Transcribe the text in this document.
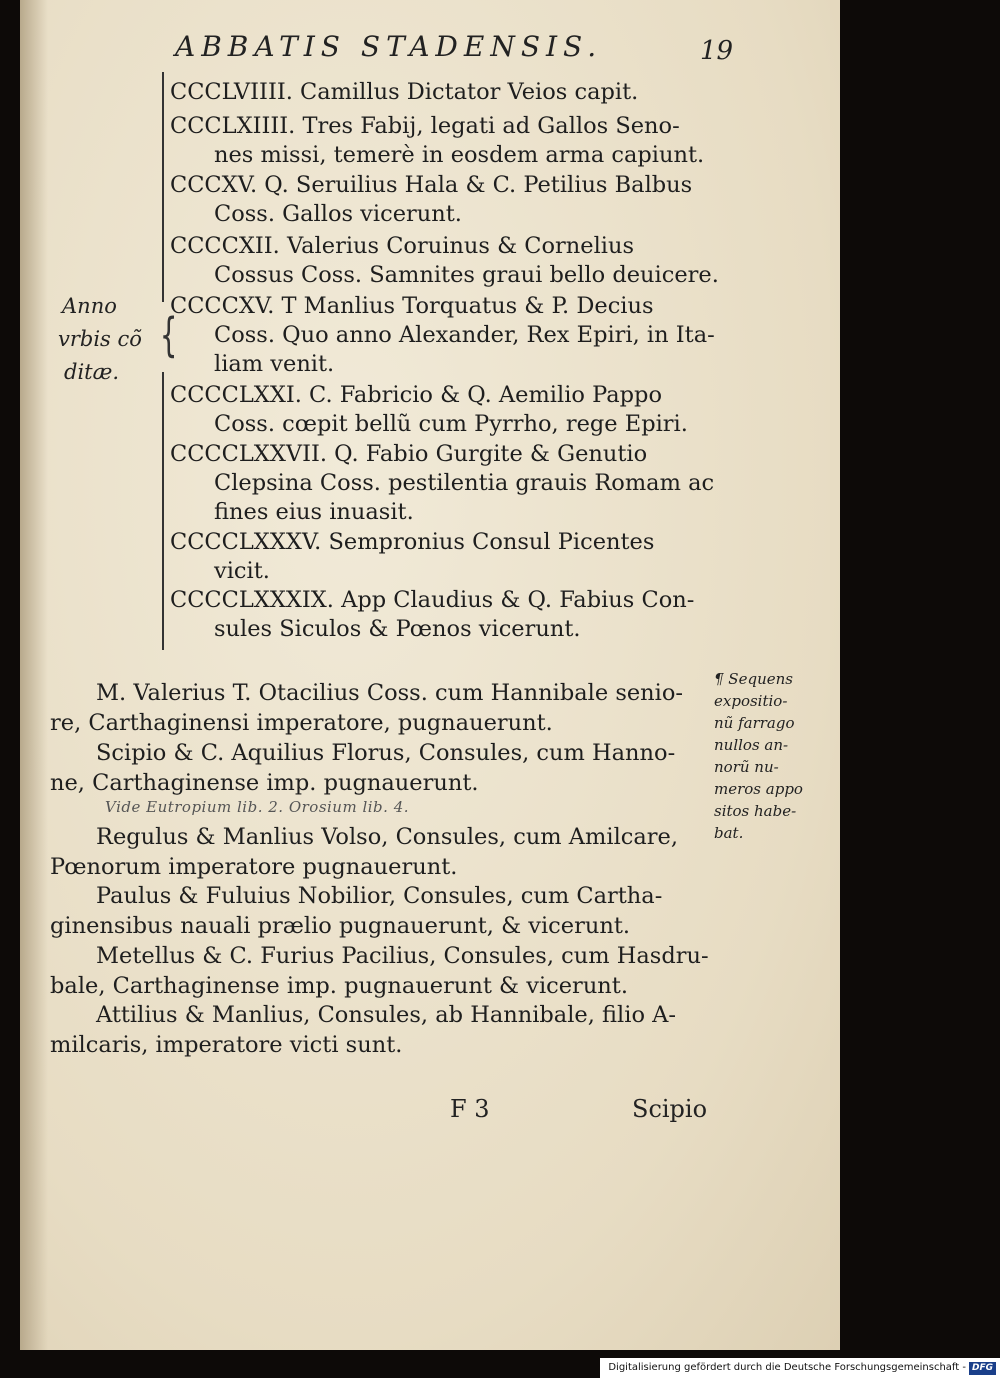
ABBATIS STADENSIS.	19
Anno
vrbis cõ
ditæ.
{
CCCLVIIII. Camillus Dictator Veios capit.
CCCLXIIII. Tres Fabij, legati ad Gallos Seno-
nes missi, temerè in eosdem arma capiunt.
CCCXV. Q. Seruilius Hala & C. Petilius Balbus
Coss. Gallos vicerunt.
CCCCXII. Valerius Coruinus & Cornelius
Cossus Coss. Samnites graui bello deuicere.
CCCCXV. T Manlius Torquatus & P. Decius
Coss. Quo anno Alexander, Rex Epiri, in Ita-
liam venit.
CCCCLXXI. C. Fabricio & Q. Aemilio Pappo
Coss. cœpit bellũ cum Pyrrho, rege Epiri.
CCCCLXXVII. Q. Fabio Gurgite & Genutio
Clepsina Coss. pestilentia grauis Romam ac
fines eius inuasit.
CCCCLXXXV. Sempronius Consul Picentes
vicit.
CCCCLXXXIX. App Claudius & Q. Fabius Con-
sules Siculos & Pœnos vicerunt.
M. Valerius T. Otacilius Coss. cum Hannibale senio-
re, Carthaginensi imperatore, pugnauerunt.
Scipio & C. Aquilius Florus, Consules, cum Hanno-
ne, Carthaginense imp. pugnauerunt.
Vide Eutropium lib. 2. Orosium lib. 4.
Regulus & Manlius Volso, Consules, cum Amilcare,
Pœnorum imperatore pugnauerunt.
Paulus & Fuluius Nobilior, Consules, cum Cartha-
ginensibus nauali prælio pugnauerunt, & vicerunt.
Metellus & C. Furius Pacilius, Consules, cum Hasdru-
bale, Carthaginense imp. pugnauerunt & vicerunt.
Attilius & Manlius, Consules, ab Hannibale, filio A-
milcaris, imperatore victi sunt.
¶ Sequens
expositio-
nũ farrago
nullos an-
norũ nu-
meros appo
sitos habe-
bat.
F 3	Scipio
Digitalisierung gefördert durch die Deutsche Forschungsgemeinschaft - DFG
